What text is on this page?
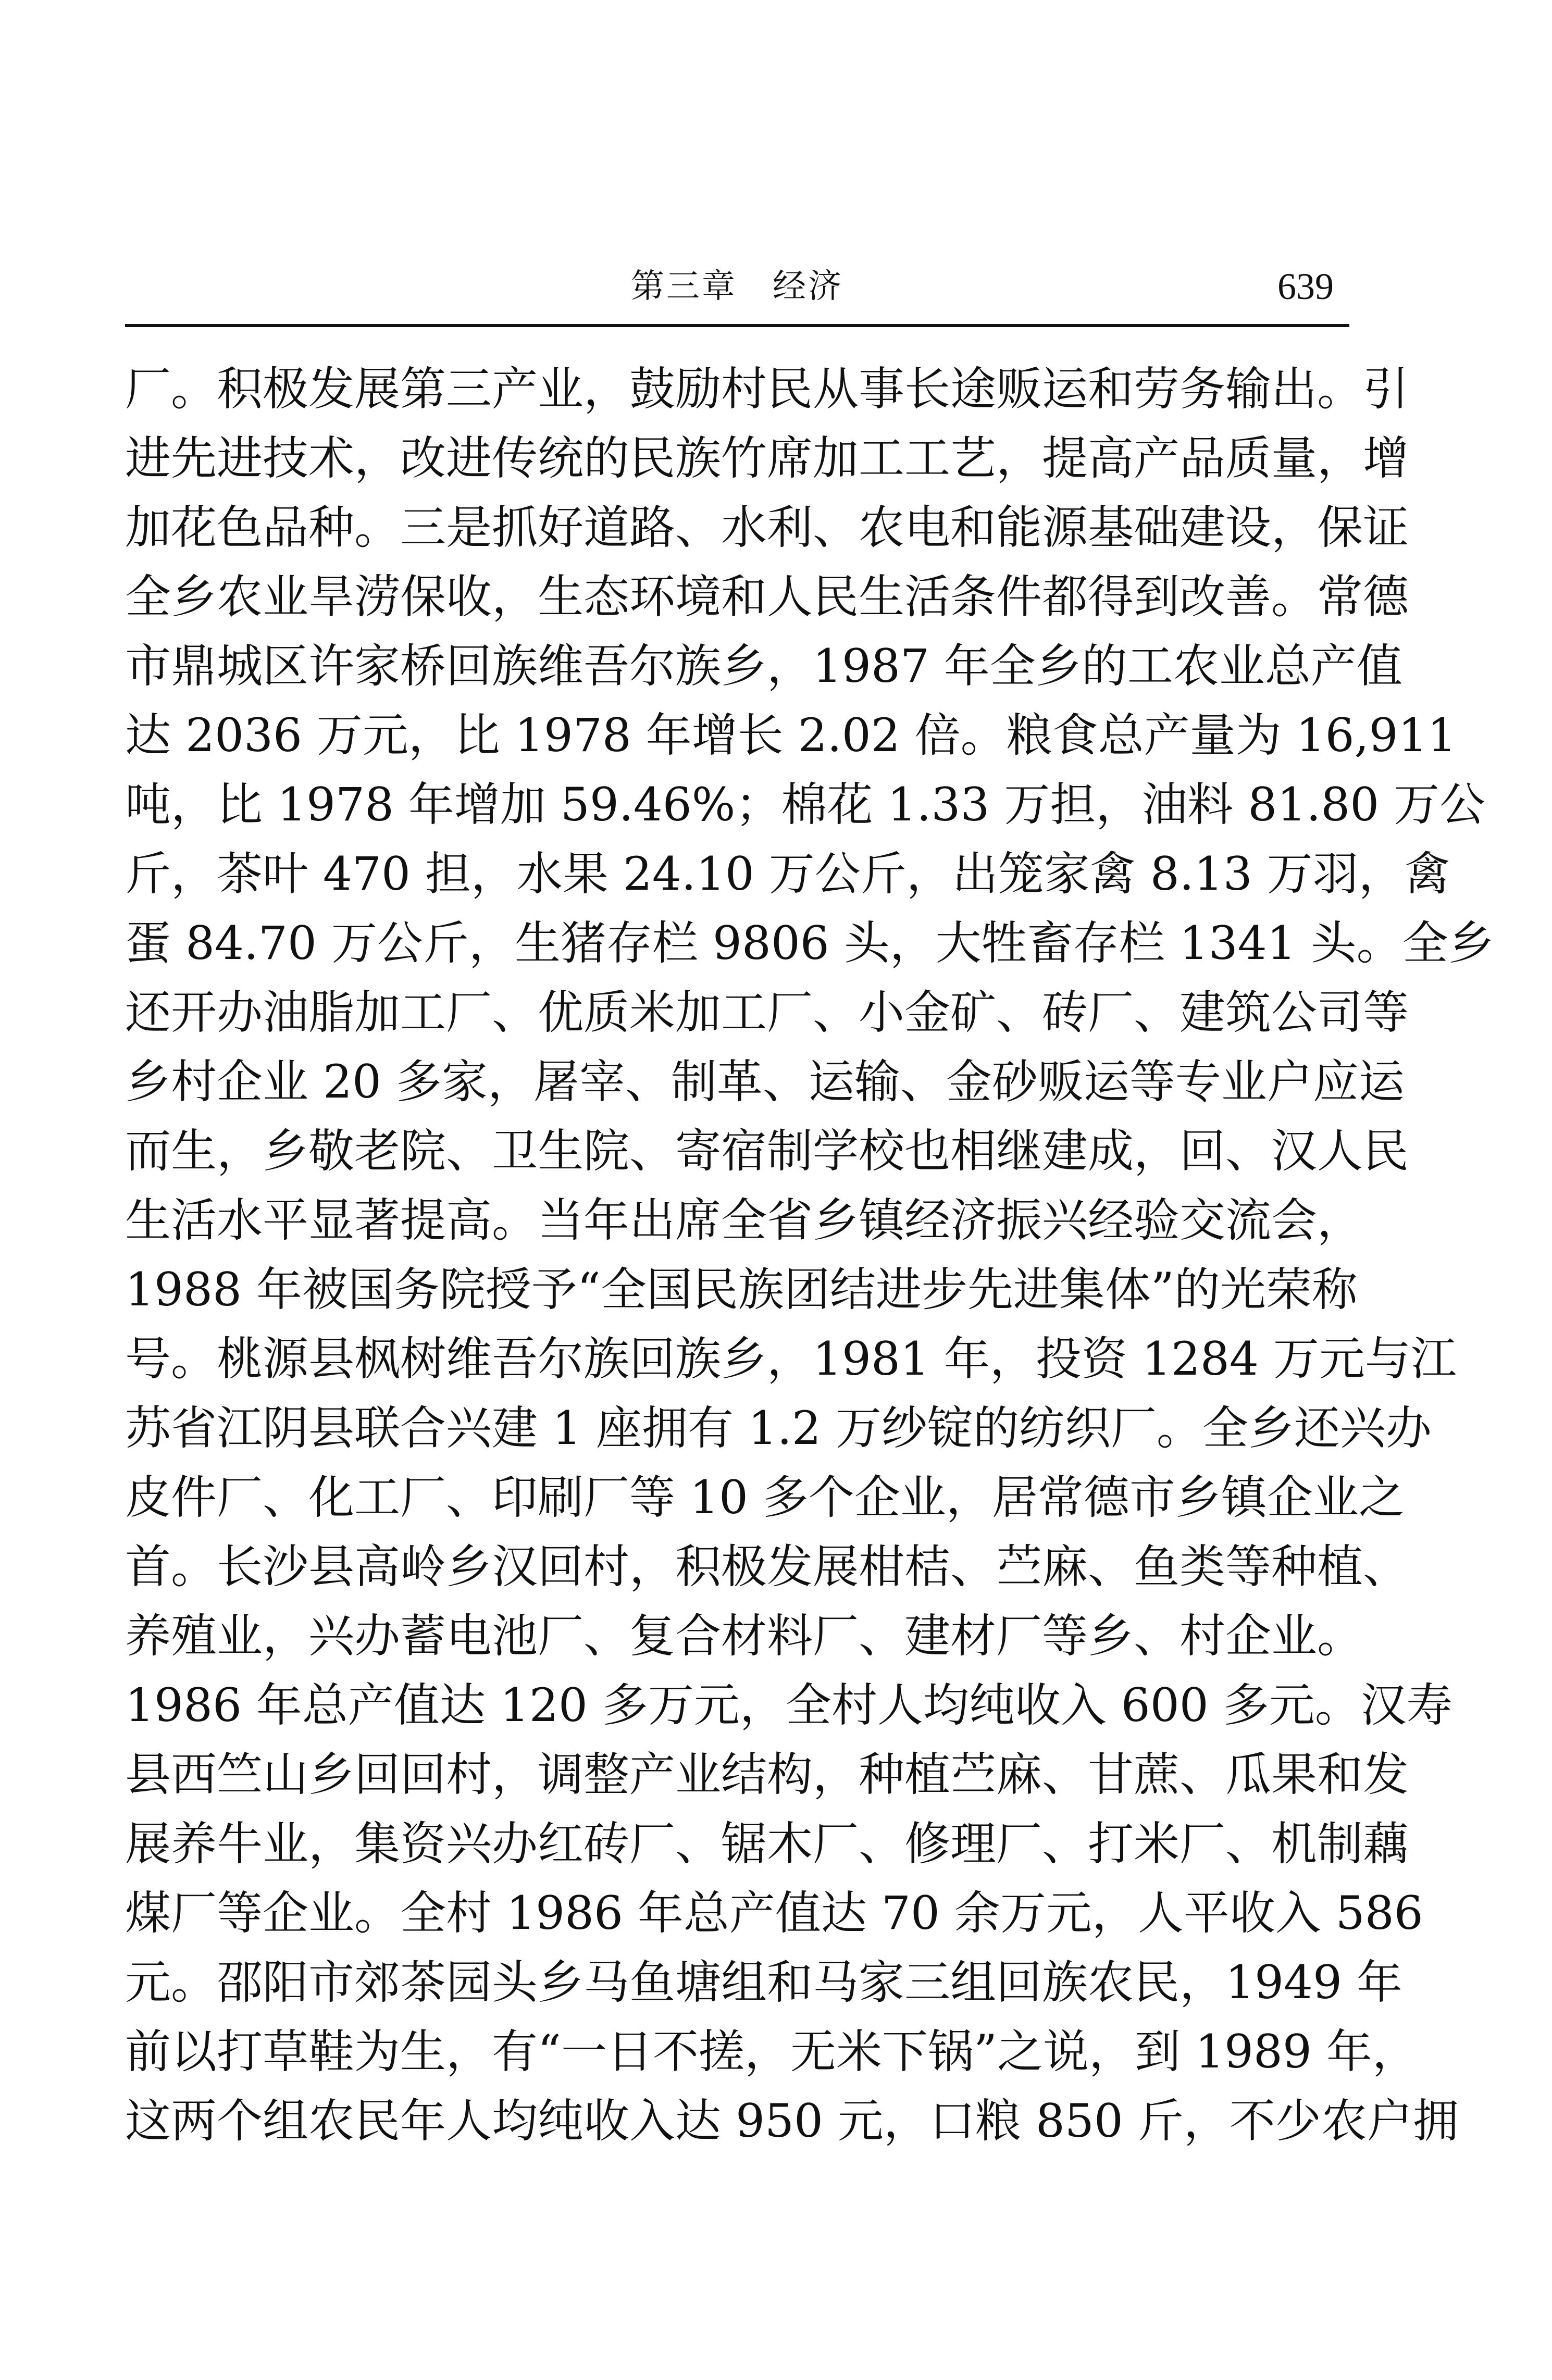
第三章　经济	639
厂。积极发展第三产业，鼓励村民从事长途贩运和劳务输出。引
进先进技术，改进传统的民族竹席加工工艺，提高产品质量，增
加花色品种。三是抓好道路、水利、农电和能源基础建设，保证
全乡农业旱涝保收，生态环境和人民生活条件都得到改善。常德
市鼎城区许家桥回族维吾尔族乡，1987 年全乡的工农业总产值
达 2036 万元，比 1978 年增长 2.02 倍。粮食总产量为 16,911
吨，比 1978 年增加 59.46%；棉花 1.33 万担，油料 81.80 万公
斤，茶叶 470 担，水果 24.10 万公斤，出笼家禽 8.13 万羽，禽
蛋 84.70 万公斤，生猪存栏 9806 头，大牲畜存栏 1341 头。全乡
还开办油脂加工厂、优质米加工厂、小金矿、砖厂、建筑公司等
乡村企业 20 多家，屠宰、制革、运输、金砂贩运等专业户应运
而生，乡敬老院、卫生院、寄宿制学校也相继建成，回、汉人民
生活水平显著提高。当年出席全省乡镇经济振兴经验交流会，
1988 年被国务院授予“全国民族团结进步先进集体”的光荣称
号。桃源县枫树维吾尔族回族乡，1981 年，投资 1284 万元与江
苏省江阴县联合兴建 1 座拥有 1.2 万纱锭的纺织厂。全乡还兴办
皮件厂、化工厂、印刷厂等 10 多个企业，居常德市乡镇企业之
首。长沙县高岭乡汉回村，积极发展柑桔、苎麻、鱼类等种植、
养殖业，兴办蓄电池厂、复合材料厂、建材厂等乡、村企业。
1986 年总产值达 120 多万元，全村人均纯收入 600 多元。汉寿
县西竺山乡回回村，调整产业结构，种植苎麻、甘蔗、瓜果和发
展养牛业，集资兴办红砖厂、锯木厂、修理厂、打米厂、机制藕
煤厂等企业。全村 1986 年总产值达 70 余万元，人平收入 586
元。邵阳市郊茶园头乡马鱼塘组和马家三组回族农民，1949 年
前以打草鞋为生，有“一日不搓，无米下锅”之说，到 1989 年，
这两个组农民年人均纯收入达 950 元，口粮 850 斤，不少农户拥
